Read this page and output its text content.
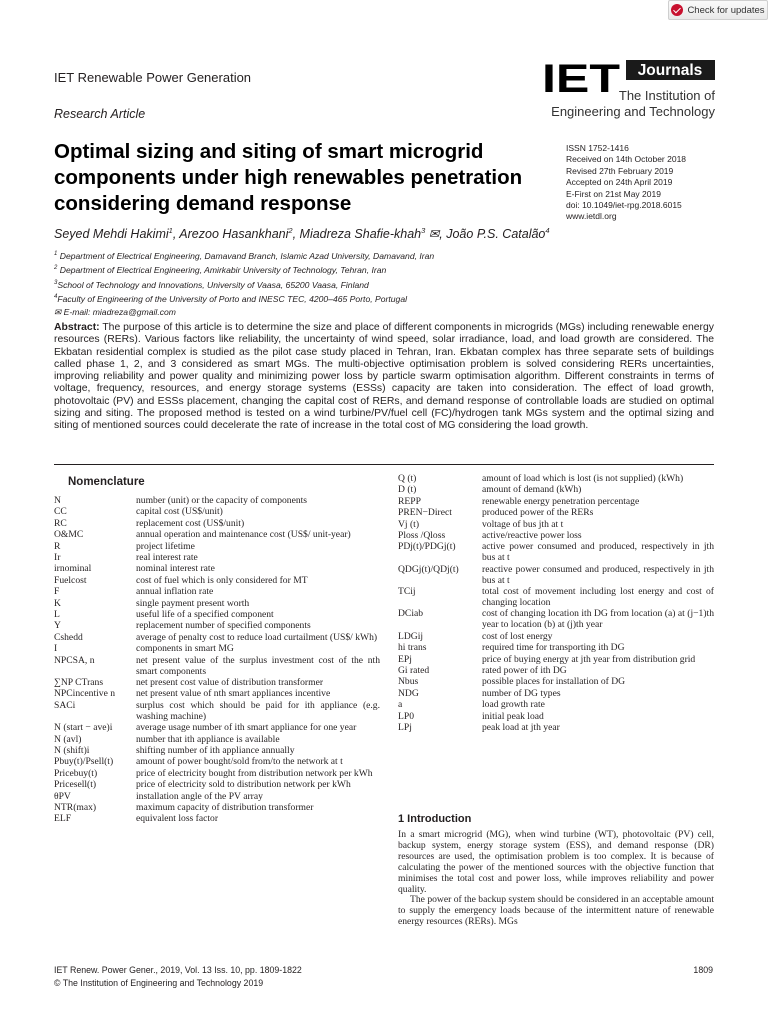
Check for updates
IET Renewable Power Generation
Research Article
IET Journals
The Institution of
Engineering and Technology
Optimal sizing and siting of smart microgrid components under high renewables penetration considering demand response
ISSN 1752-1416
Received on 14th October 2018
Revised 27th February 2019
Accepted on 24th April 2019
E-First on 21st May 2019
doi: 10.1049/iet-rpg.2018.6015
www.ietdl.org
Seyed Mehdi Hakimi$^1$, Arezoo Hasankhani$^2$, Miadreza Shafie-khah$^3$ ✉, João P.S. Catalão$^4$
$^1$ Department of Electrical Engineering, Damavand Branch, Islamic Azad University, Damavand, Iran
$^2$ Department of Electrical Engineering, Amirkabir University of Technology, Tehran, Iran
$^3$School of Technology and Innovations, University of Vaasa, 65200 Vaasa, Finland
$^4$Faculty of Engineering of the University of Porto and INESC TEC, 4200–465 Porto, Portugal
✉ E-mail: miadreza@gmail.com

Abstract: The purpose of this article is to determine the size and place of different components in microgrids (MGs) including renewable energy resources (RERs). Various factors like reliability, the uncertainty of wind speed, solar irradiance, load, and load growth are considered. The Ekbatan residential complex is studied as the pilot case study placed in Tehran, Iran. Ekbatan complex has three separate sets of buildings called phase 1, 2, and 3 considered as smart MGs. The multi-objective optimisation problem is solved considering RERs uncertainties, improving reliability and power quality and minimizing power loss by particle swarm optimisation algorithm. Different constraints in terms of voltage, frequency, resources, and energy storage systems (ESSs) capacity are taken into consideration. The effect of load growth, photovoltaic (PV) and ESSs placement, changing the capital cost of RERs, and demand response of controllable loads are studied on optimal sizing and siting. The proposed method is tested on a wind turbine/PV/fuel cell (FC)/hydrogen tank MGs system and the optimal sizing and siting of mentioned sources could decelerate the rate of increase in the total cost of MG considering the load growth.

Nomenclature
N	number (unit) or the capacity of components
CC	capital cost (US$/unit)
RC	replacement cost (US$/unit)
O&MC	annual operation and maintenance cost (US$/ unit-year)
R	project lifetime
Ir	real interest rate
irnominal	nominal interest rate
Fuelcost	cost of fuel which is only considered for MT
F	annual inflation rate
K	single payment present worth
L	useful life of a specified component
Y	replacement number of specified components
Cshedd	average of penalty cost to reduce load curtailment (US$/ kWh)
I	components in smart MG
NPCSA, n	net present value of the surplus investment cost of the nth smart components
∑NP CTrans	net present cost value of distribution transformer
NPCincentive n	net present value of nth smart appliances incentive
SACi	surplus cost which should be paid for ith appliance (e.g. washing machine)
N (start − ave)i	average usage number of ith smart appliance for one year
N (avl)	number that ith appliance is available
N (shift)i	shifting number of ith appliance annually
Pbuy(t)/Psell(t)	amount of power bought/sold from/to the network at t
Pricebuy(t)	price of electricity bought from distribution network per kWh
Pricesell(t)	price of electricity sold to distribution network per kWh
θPV	installation angle of the PV array
NTR(max)	maximum capacity of distribution transformer
ELF	equivalent loss factor
Q (t)	amount of load which is lost (is not supplied) (kWh)
D (t)	amount of demand (kWh)
REPP	renewable energy penetration percentage
PREN−Direct	produced power of the RERs
Vj (t)	voltage of bus jth at t
Ploss /Qloss	active/reactive power loss
PDj(t)/PDGj(t)	active power consumed and produced, respectively in jth bus at t
QDGj(t)/QDj(t)	reactive power consumed and produced, respectively in jth bus at t
TCij	total cost of movement including lost energy and cost of changing location
DCiab	cost of changing location ith DG from location (a) at (j−1)th year to location (b) at (j)th year
LDGij	cost of lost energy
hi trans	required time for transporting ith DG
EPj	price of buying energy at jth year from distribution grid
Gi rated	rated power of ith DG
Nbus	possible places for installation of DG
NDG	number of DG types
a	load growth rate
LP0	initial peak load
LPj	peak load at jth year
1 Introduction

In a smart microgrid (MG), when wind turbine (WT), photovoltaic (PV) cell, backup system, energy storage system (ESS), and demand response (DR) resources are used, the optimisation problem is too complex. It is because of calculating the power of the mentioned sources with the objective function that minimises the total cost and power loss, while improves reliability and power quality.

The power of the backup system should be considered in an acceptable amount to supply the emergency loads because of the intermittent nature of renewable energy resources (RERs). MGs

IET Renew. Power Gener., 2019, Vol. 13 Iss. 10, pp. 1809-1822
© The Institution of Engineering and Technology 2019
1809
